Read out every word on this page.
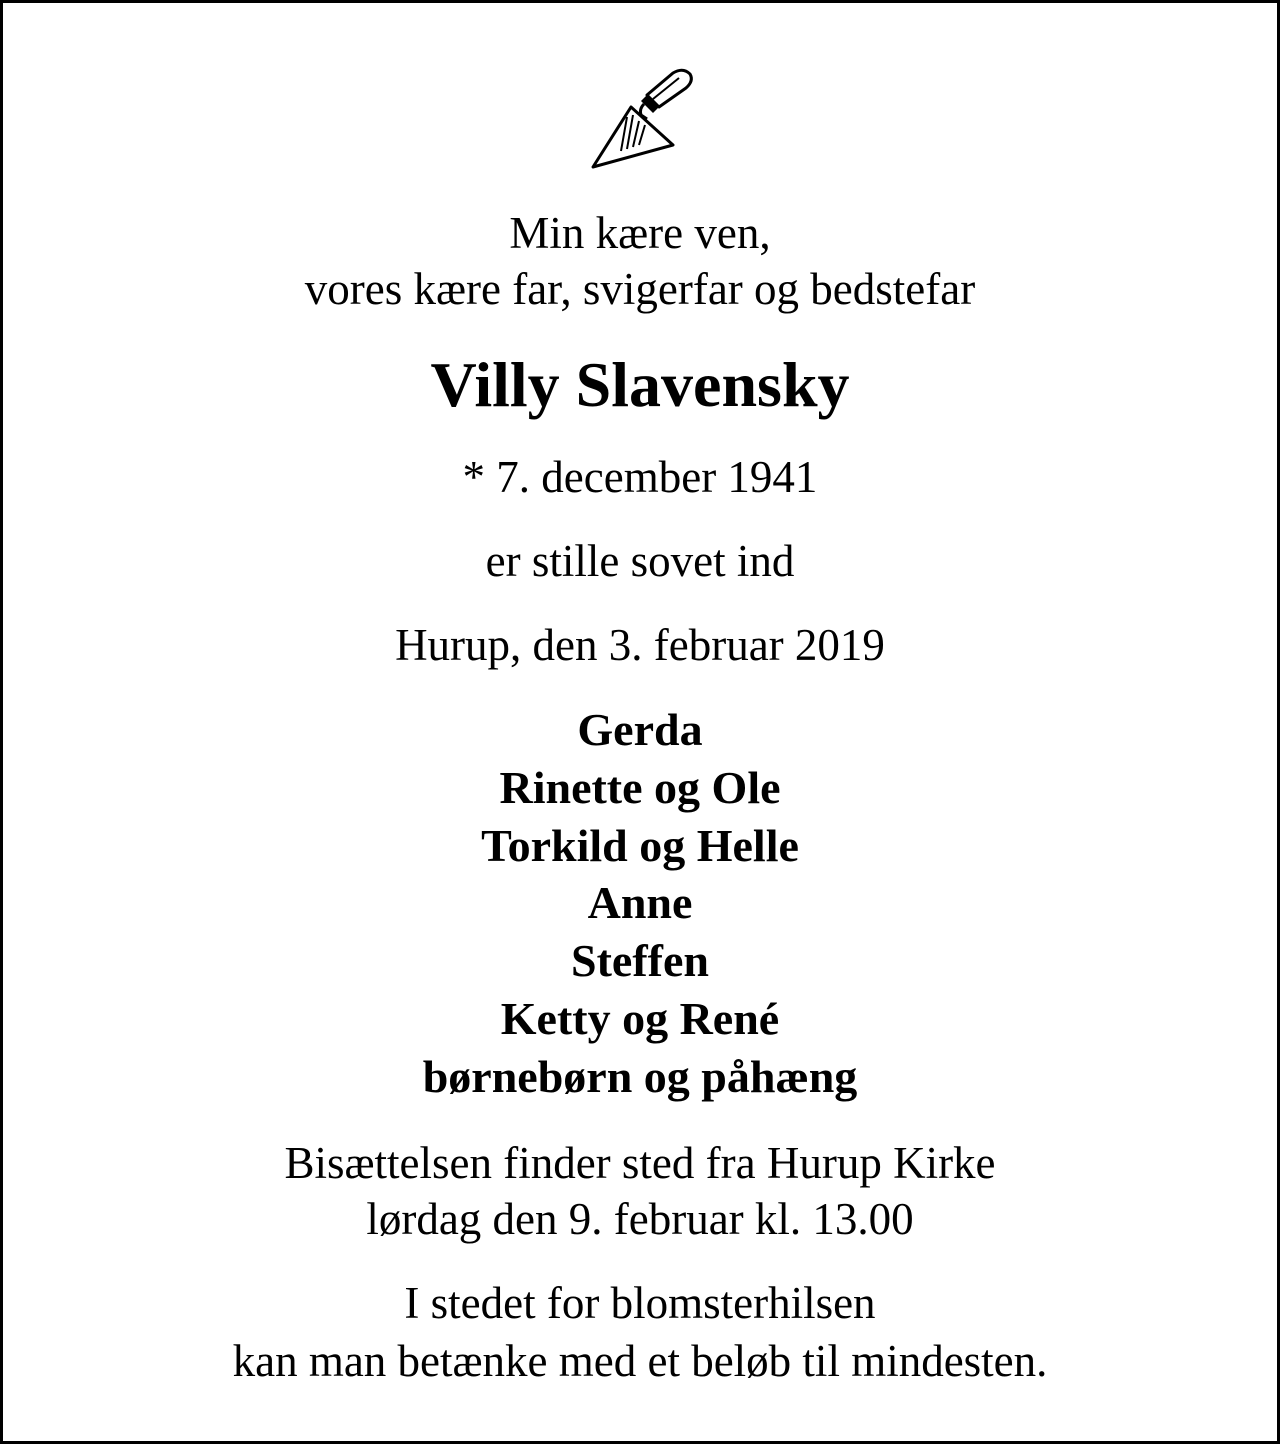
Min kære ven,
vores kære far, svigerfar og bedstefar
Villy Slavensky
* 7. december 1941
er stille sovet ind
Hurup, den 3. februar 2019
Gerda
Rinette og Ole
Torkild og Helle
Anne
Steffen
Ketty og René
børnebørn og påhæng
Bisættelsen finder sted fra Hurup Kirke
lørdag den 9. februar kl. 13.00
I stedet for blomsterhilsen
kan man betænke med et beløb til mindesten.
